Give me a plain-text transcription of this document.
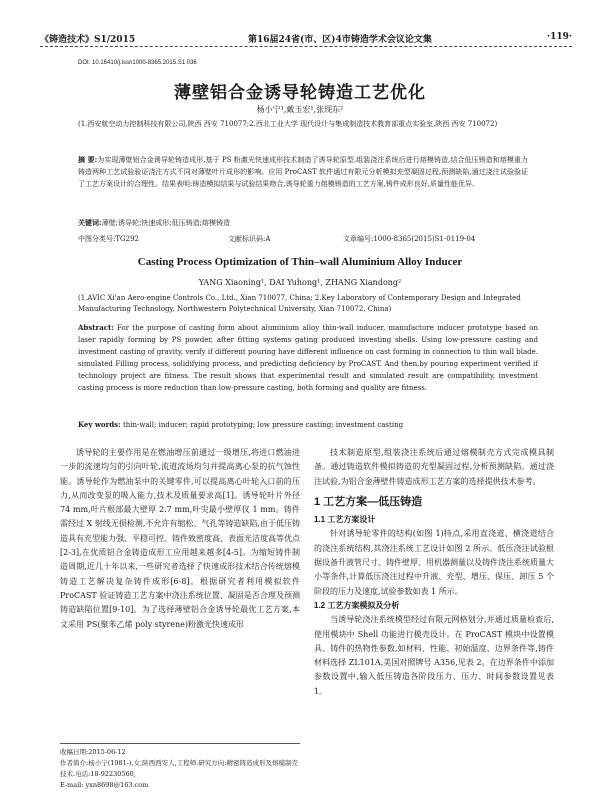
《铸造技术》S1/2015	第16届24省(市、区)4市铸造学术会议论文集	·119·
DOI: 10.16410/j.issn1000-8365.2015.S1.036
薄壁铝合金诱导轮铸造工艺优化
杨小宁¹,戴玉宏¹,张现东²
(1.西安航空动力控制科技有限公司,陕西 西安 710077;2.西北工业大学 现代设计与集成制造技术教育部重点实验室,陕西 西安 710072)
摘 要:为实现薄壁铝合金诱导轮铸造成形,基于 PS 粉激光快速成形技术制造了诱导轮原型,组装浇注系统后进行熔模铸造,结合低压铸造和熔模重力铸造两种工艺试验验证浇注方式不同对薄壁叶片成形的影响。应用 ProCAST 软件通过有限元分析模拟充型凝固过程,预测缺陷,通过浇注试验验证了工艺方案设计的合理性。结果表明:铸造模拟结果与试验结果吻合,诱导轮重力熔模铸造的工艺方案,铸件成形良好,质量性能优异。
关键词:薄壁;诱导轮;快速成形;低压铸造;熔模铸造
中图分类号:TG292	文献标识码:A	文章编号:1000-8365(2015)S1-0119-04
Casting Process Optimization of Thin–wall Aluminium Alloy Inducer
YANG Xiaoning¹, DAI Yuhong¹, ZHANG Xiandong²
(1.AVIC Xi'an Aero-engine Controls Co., Ltd., Xian 710077, China; 2.Key Laboratory of Contemporary Design and Integrated Manufacturing Technology, Northwestern Polytechnical University, Xian 710072, China)
Abstract: For the purpose of casting form about aluminium alloy thin-wall inducer, manufacture inducer prototype based on laser rapidly forming by PS powder, after fitting systems gating produced investing shells. Using low-pressure casting and investment casting of gravity, verify if different pouring have different influence on cast forming in connection to thin wall blade. simulated Filling process, solidifying process, and predicting deficiency by ProCAST. And then,by pouring experiment verified if technology project are fitness. The result shows that experimental result and simulated result are compatibility, investment casting process is more reduction than low-pressure casting, both forming and quality are fitness.
Key words: thin-wall; inducer; rapid prototyping; low pressure casting; investment casting

诱导轮的主要作用是在燃油增压前通过一级增压,将进口燃油进一步的流速均匀的引向叶轮,流道流场均匀并提高离心泵的抗气蚀性能。诱导轮作为燃油泵中的关键零件,可以提高离心叶轮入口前的压力,从而改变泵的吸入能力,技术及质量要求高[1]。诱导轮叶片外径 74 mm,叶片根部最大壁厚 2.7 mm,叶尖最小壁厚仅 1 mm。铸件需经过 X 射线无损检测,不允许有缩松、气孔等铸造缺陷,由于低压铸造具有充型能力强、平稳可控、铸件致密度高、表面光洁度高等优点[2-3],在优质铝合金铸造成形工应用越来越多[4-5]。为缩短铸件制造周期,近几十年以来,一些研究者选择了快速成形技术结合传统熔模铸造工艺解决复杂铸件成形[6-8]。根据研究者利用模拟软件 ProCAST 验证铸造工艺方案中浇注系统位置、凝固是否合理及预测铸造缺陷位置[9-10]。为了选择薄壁铝合金诱导轮最优工艺方案,本文采用 PS(聚苯乙烯 poly styrene)粉激光快速成形

技术制造原型,组装浇注系统后通过熔模制壳方式完成模具制备。通过铸造软件模拟铸造的充型凝固过程,分析预测缺陷。通过浇注试验,为铝合金薄壁件铸造成形工艺方案的选择提供技术参考。

1 工艺方案—低压铸造
1.1 工艺方案设计

针对诱导轮零件的结构(如图 1)特点,采用直浇道、横浇道结合的浇注系统结构,其浇注系统工艺设计如图 2 所示。低压浇注试验根据设备升液管尺寸、铸件壁厚、用机器测量以及铸件浇注系统质量大小等条件,计算低压浇注过程中升液、充型、增压、保压、卸压 5 个阶段的压力及速度,试验参数如表 1 所示。

1.2 工艺方案模拟及分析

当诱导轮浇注系统模型经过有限元网格划分,并通过质量检查后,使用模块中 Shell 功能进行模壳设计。在 ProCAST 模块中设置模具、铸件的热物性参数,如材料、性能、初始温度、边界条件等,铸件材料选择 ZL101A,美国对照牌号 A356,见表 2。在边界条件中添加参数设置中,输入低压铸造各阶段压力、压力、时间参数设置见表 1。

收稿日期:2015-06-12
作者简介:杨小宁(1981-),女,陕西西安人,工程师.研究方向:精密铸造成形及熔模制壳技术.电话:18-92230560,
E-mail: yxn8698@163.com
